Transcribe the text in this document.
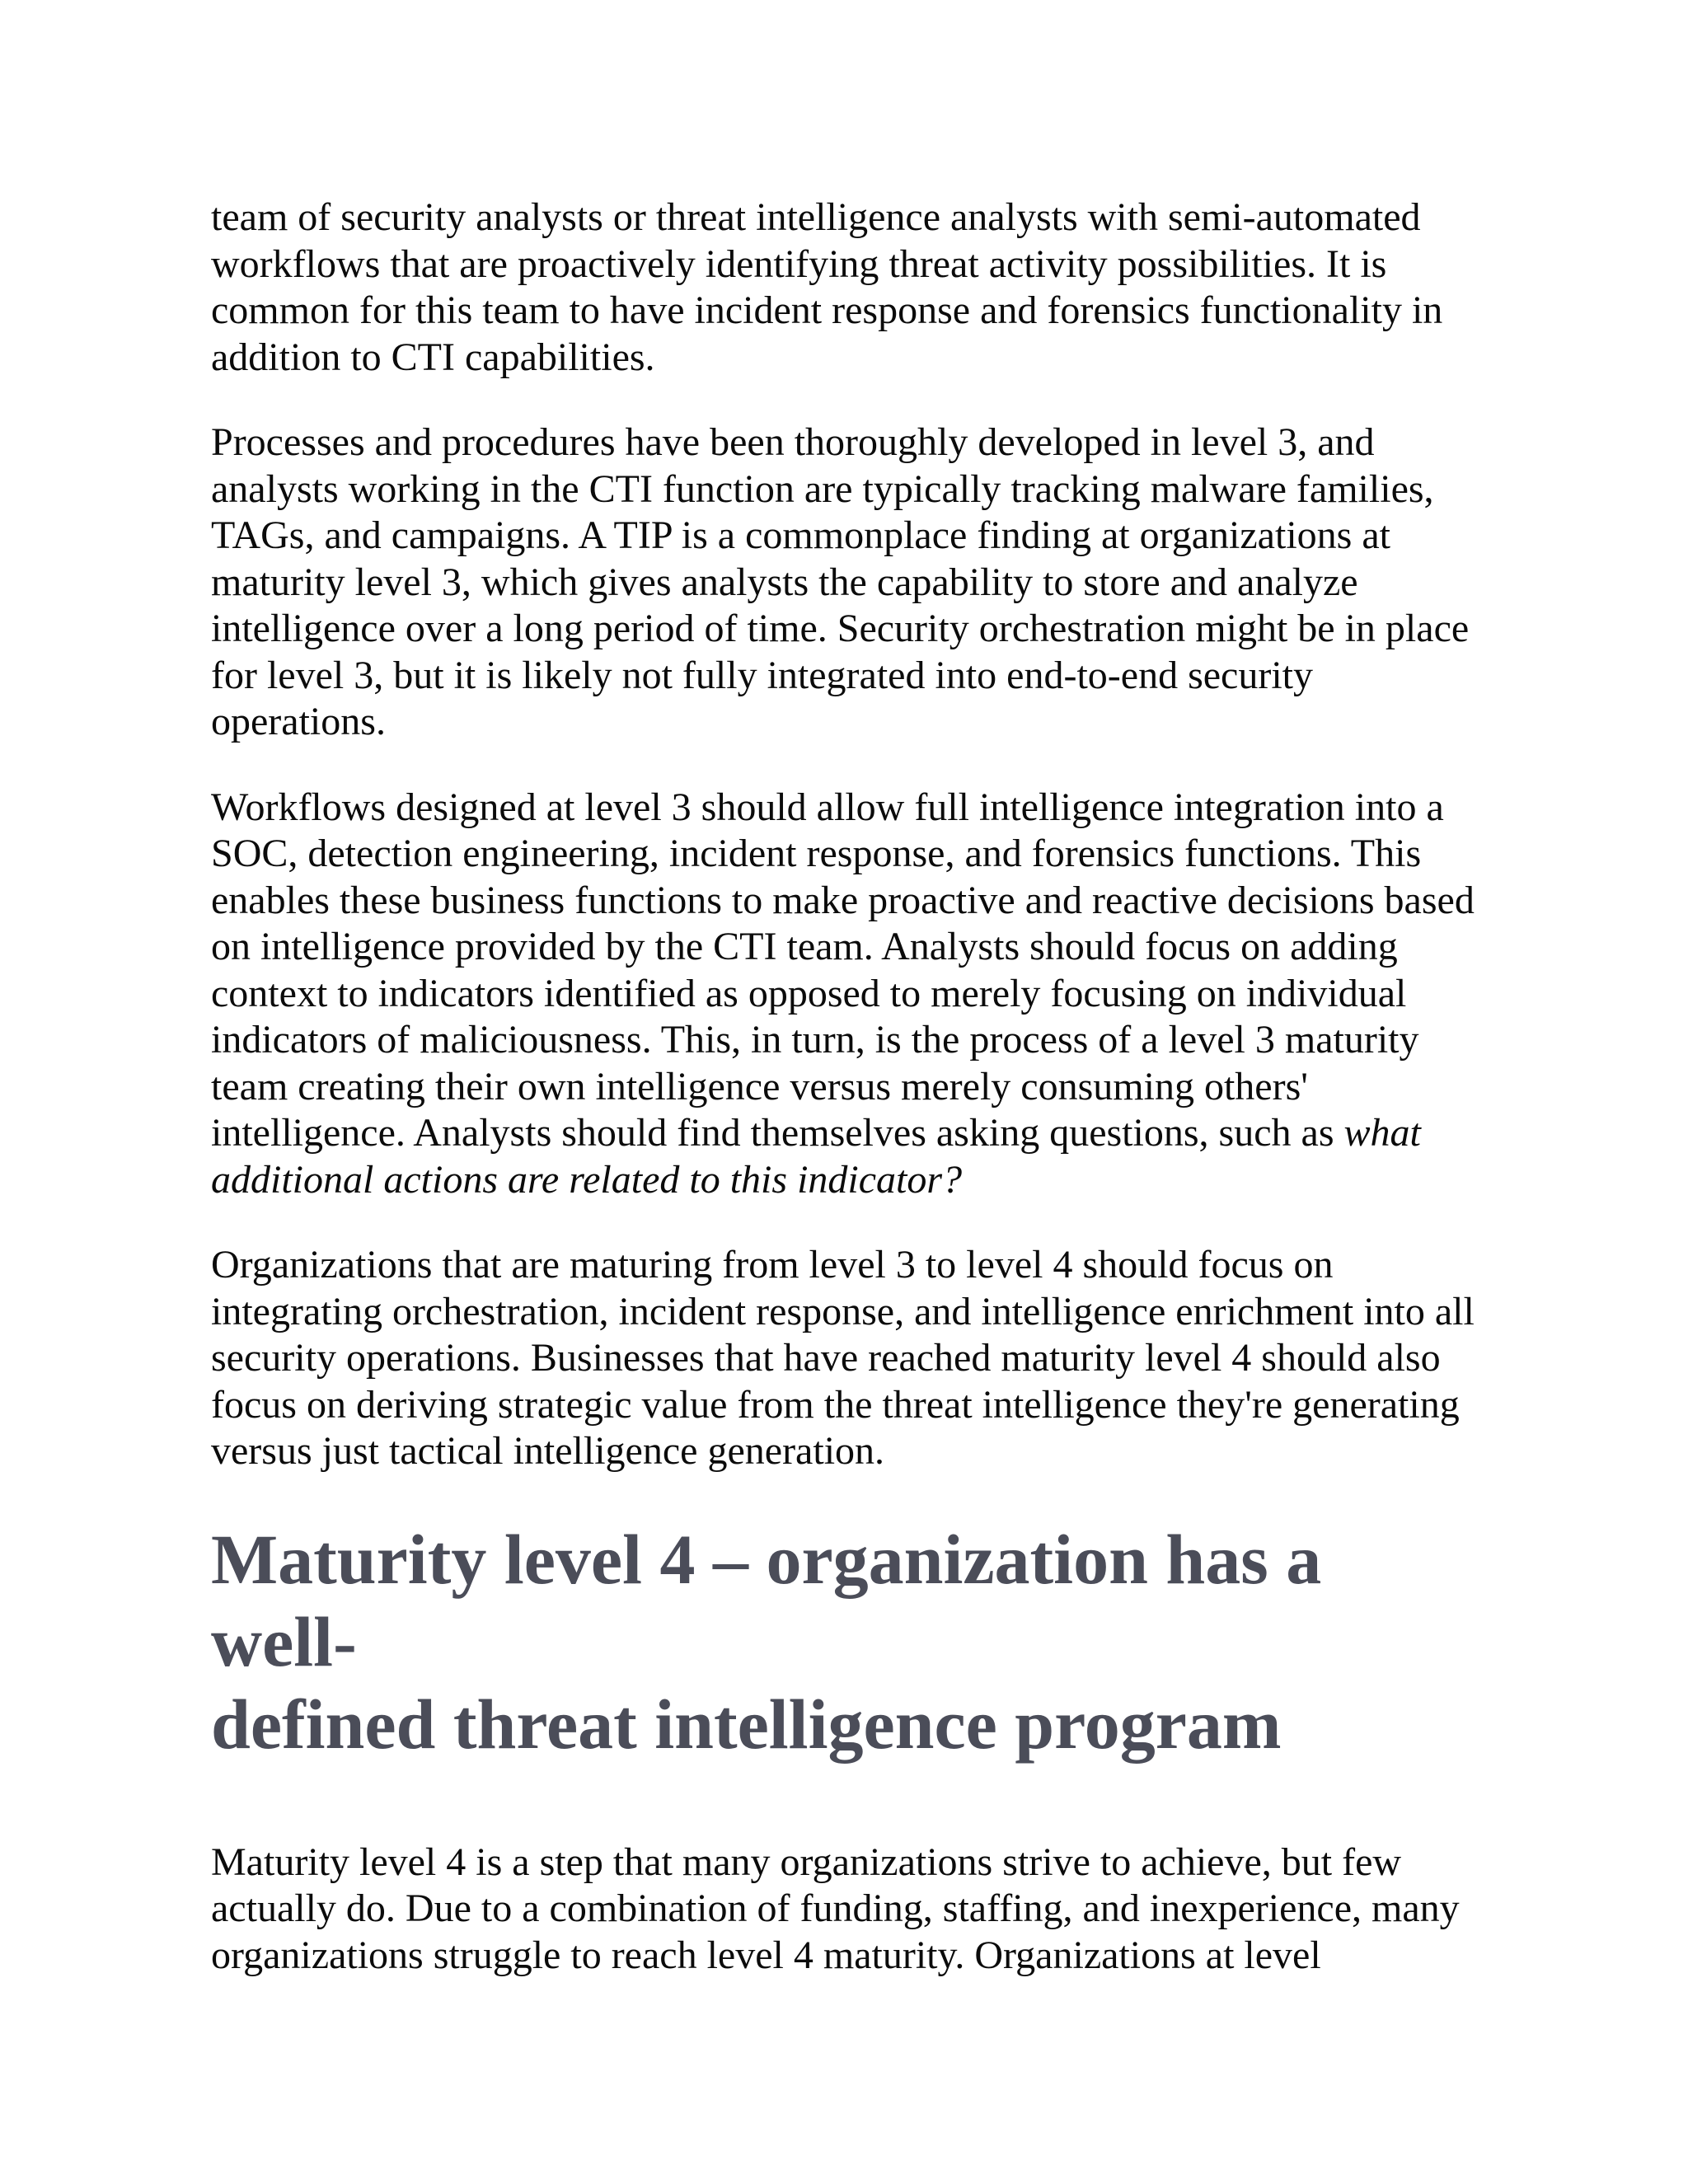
team of security analysts or threat intelligence analysts with semi-automated workflows that are proactively identifying threat activity possibilities. It is common for this team to have incident response and forensics functionality in addition to CTI capabilities.

Processes and procedures have been thoroughly developed in level 3, and analysts working in the CTI function are typically tracking malware families, TAGs, and campaigns. A TIP is a commonplace finding at organizations at maturity level 3, which gives analysts the capability to store and analyze intelligence over a long period of time. Security orchestration might be in place for level 3, but it is likely not fully integrated into end-to-end security operations.

Workflows designed at level 3 should allow full intelligence integration into a SOC, detection engineering, incident response, and forensics functions. This enables these business functions to make proactive and reactive decisions based on intelligence provided by the CTI team. Analysts should focus on adding context to indicators identified as opposed to merely focusing on individual indicators of maliciousness. This, in turn, is the process of a level 3 maturity team creating their own intelligence versus merely consuming others' intelligence. Analysts should find themselves asking questions, such as what additional actions are related to this indicator?

Organizations that are maturing from level 3 to level 4 should focus on integrating orchestration, incident response, and intelligence enrichment into all security operations. Businesses that have reached maturity level 4 should also focus on deriving strategic value from the threat intelligence they're generating versus just tactical intelligence generation.

Maturity level 4 – organization has a well-
defined threat intelligence program

Maturity level 4 is a step that many organizations strive to achieve, but few actually do. Due to a combination of funding, staffing, and inexperience, many organizations struggle to reach level 4 maturity. Organizations at level
